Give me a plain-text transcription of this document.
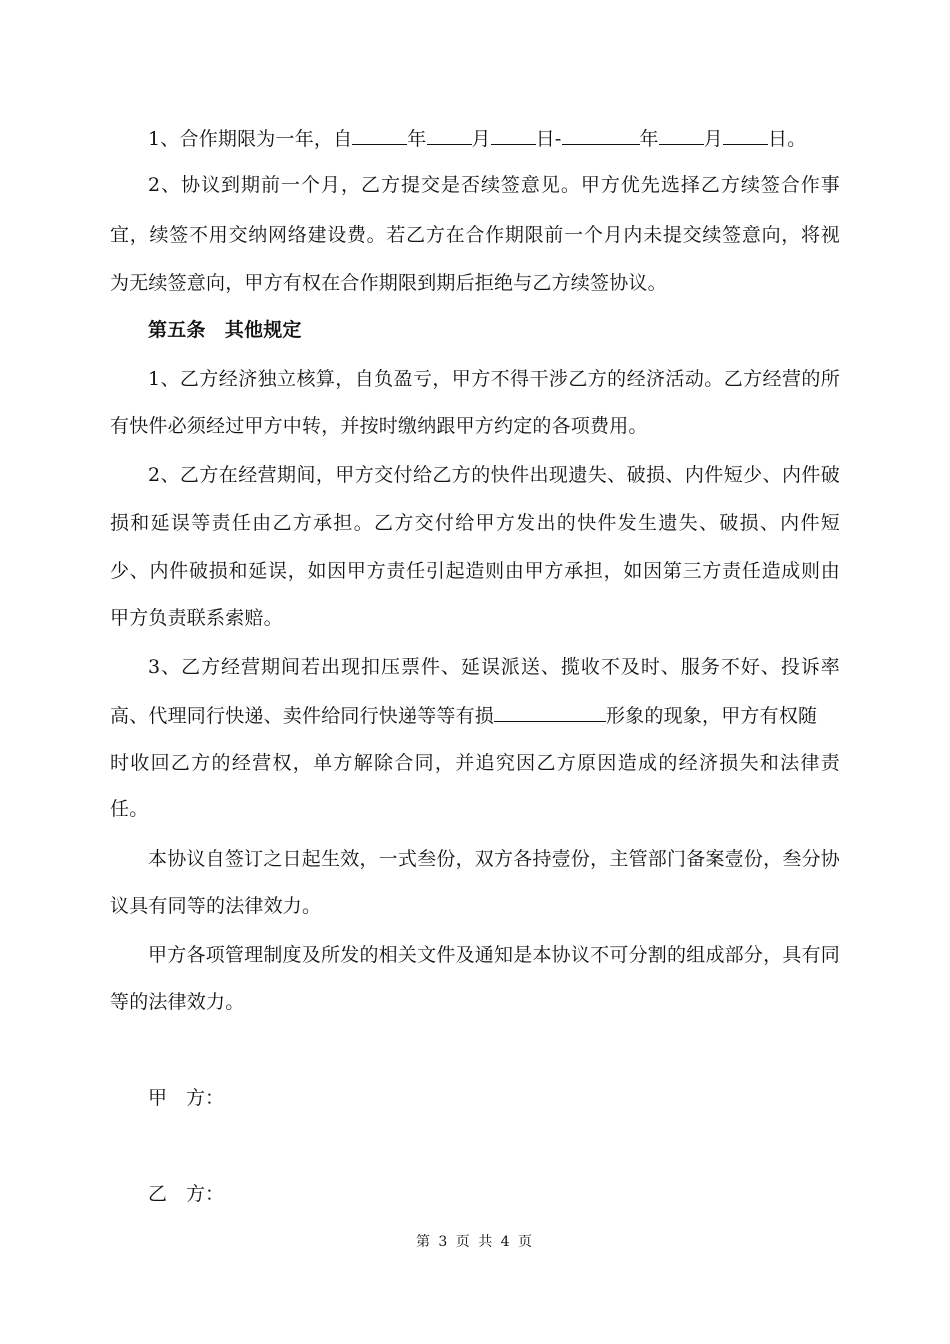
1、合作期限为一年，自	年 月 日-	年 月 日。
2、协议到期前一个月，乙方提交是否续签意见。甲方优先选择乙方续签合作事
宜，续签不用交纳网络建设费。若乙方在合作期限前一个月内未提交续签意向，将视
为无续签意向，甲方有权在合作期限到期后拒绝与乙方续签协议。
第五条　其他规定
1、乙方经济独立核算，自负盈亏，甲方不得干涉乙方的经济活动。乙方经营的所
有快件必须经过甲方中转，并按时缴纳跟甲方约定的各项费用。
2、乙方在经营期间，甲方交付给乙方的快件出现遗失、破损、内件短少、内件破
损和延误等责任由乙方承担。乙方交付给甲方发出的快件发生遗失、破损、内件短
少、内件破损和延误，如因甲方责任引起造则由甲方承担，如因第三方责任造成则由
甲方负责联系索赔。
3、乙方经营期间若出现扣压票件、延误派送、揽收不及时、服务不好、投诉率
高、代理同行快递、卖件给同行快递等等有损	形象的现象，甲方有权随
时收回乙方的经营权，单方解除合同，并追究因乙方原因造成的经济损失和法律责
任。
本协议自签订之日起生效，一式叁份，双方各持壹份，主管部门备案壹份，叁分协
议具有同等的法律效力。
甲方各项管理制度及所发的相关文件及通知是本协议不可分割的组成部分，具有同
等的法律效力。
甲　方：
乙　方：
第 3 页 共 4 页
